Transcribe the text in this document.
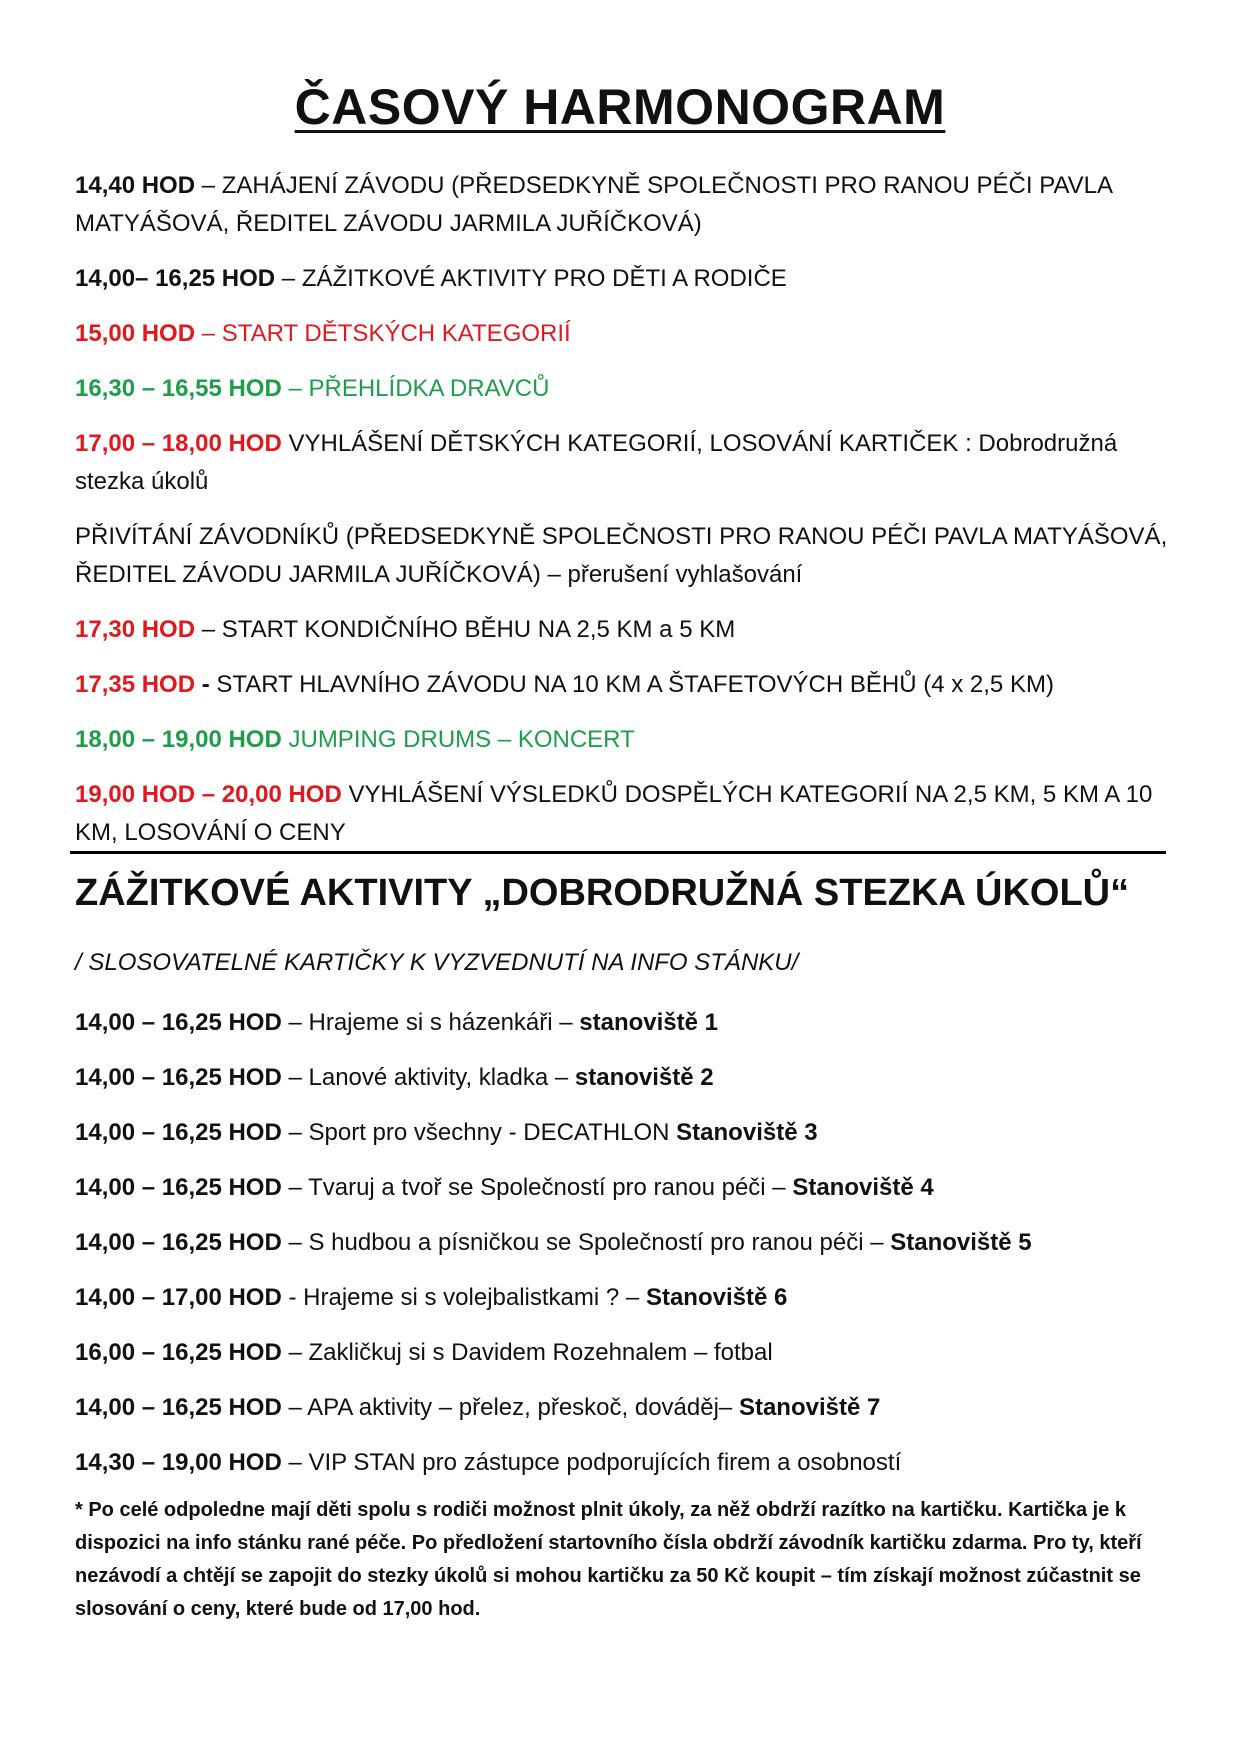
ČASOVÝ HARMONOGRAM
14,40 HOD – ZAHÁJENÍ ZÁVODU (PŘEDSEDKYNĚ SPOLEČNOSTI PRO RANOU PÉČI PAVLA MATYÁŠOVÁ, ŘEDITEL ZÁVODU JARMILA JUŘÍČKOVÁ)
14,00– 16,25 HOD – ZÁŽITKOVÉ AKTIVITY PRO DĚTI A RODIČE
15,00 HOD – START DĚTSKÝCH KATEGORIÍ
16,30 – 16,55 HOD – PŘEHLÍDKA DRAVCŮ
17,00 – 18,00 HOD VYHLÁŠENÍ DĚTSKÝCH KATEGORIÍ, LOSOVÁNÍ KARTIČEK : Dobrodružná stezka úkolů
PŘIVÍTÁNÍ ZÁVODNÍKŮ (PŘEDSEDKYNĚ SPOLEČNOSTI PRO RANOU PÉČI PAVLA MATYÁŠOVÁ, ŘEDITEL ZÁVODU JARMILA JUŘÍČKOVÁ) – přerušení vyhlašování
17,30 HOD – START KONDIČNÍHO BĚHU NA 2,5 KM a 5 KM
17,35 HOD - START HLAVNÍHO ZÁVODU NA 10 KM A ŠTAFETOVÝCH BĚHŮ (4 x 2,5 KM)
18,00 – 19,00 HOD JUMPING DRUMS – KONCERT
19,00 HOD – 20,00 HOD VYHLÁŠENÍ VÝSLEDKŮ DOSPĚLÝCH KATEGORIÍ NA 2,5 KM, 5 KM A 10 KM, LOSOVÁNÍ O CENY
ZÁŽITKOVÉ AKTIVITY „DOBRODRUŽNÁ STEZKA ÚKOLŮ“
/ SLOSOVATELNÉ KARTIČKY K VYZVEDNUTÍ NA INFO STÁNKU/
14,00 – 16,25 HOD – Hrajeme si s házenkáři – stanoviště 1
14,00 – 16,25 HOD – Lanové aktivity, kladka – stanoviště 2
14,00 – 16,25 HOD – Sport pro všechny - DECATHLON Stanoviště 3
14,00 – 16,25 HOD – Tvaruj a tvoř se Společností pro ranou péči – Stanoviště 4
14,00 – 16,25 HOD – S hudbou a písničkou se Společností pro ranou péči – Stanoviště 5
14,00 – 17,00 HOD - Hrajeme si s volejbalistkami ? – Stanoviště 6
16,00 – 16,25 HOD – Zakličkuj si s Davidem Rozehnalem – fotbal
14,00 – 16,25 HOD – APA aktivity – přelez, přeskoč, dováděj– Stanoviště 7
14,30 – 19,00 HOD – VIP STAN pro zástupce podporujících firem a osobností
* Po celé odpoledne mají děti spolu s rodiči možnost plnit úkoly, za něž obdrží razítko na kartičku. Kartička je k dispozici na info stánku rané péče. Po předložení startovního čísla obdrží závodník kartičku zdarma. Pro ty, kteří nezávodí a chtějí se zapojit do stezky úkolů si mohou kartičku za 50 Kč koupit – tím získají možnost zúčastnit se slosování o ceny, které bude od 17,00 hod.
